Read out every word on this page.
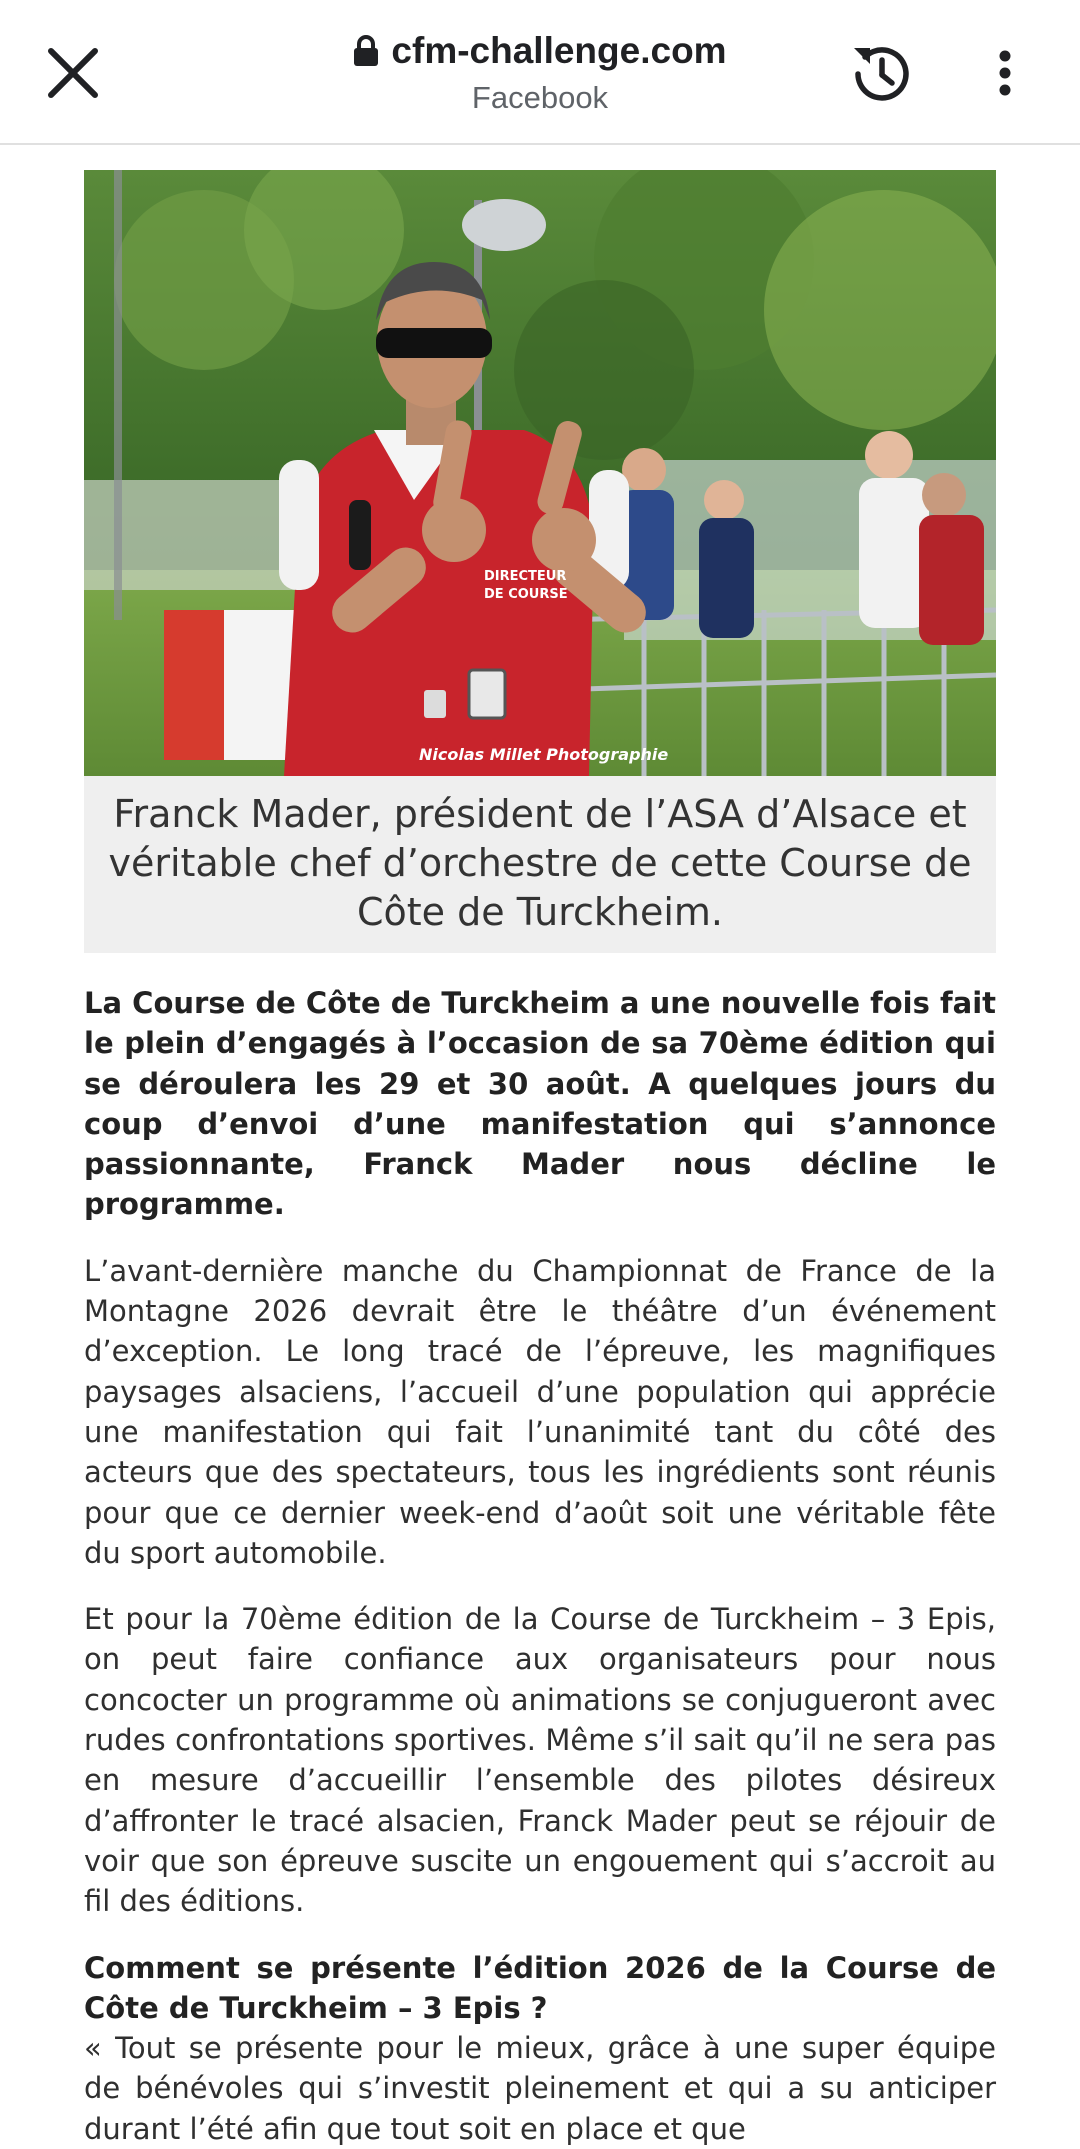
cfm-challenge.com
Facebook
DIRECTEUR
DE COURSE
Nicolas Millet Photographie
Franck Mader, président de l’ASA d’Alsace et véritable chef d’orchestre de cette Course de Côte de Turckheim.

La Course de Côte de Turckheim a une nouvelle fois fait le plein d’engagés à l’occasion de sa 70ème édition qui se déroulera les 29 et 30 août. A quelques jours du coup d’envoi d’une manifestation qui s’annonce passionnante, Franck Mader nous décline le programme.

L’avant-dernière manche du Championnat de France de la Montagne 2026 devrait être le théâtre d’un événement d’exception. Le long tracé de l’épreuve, les magnifiques paysages alsaciens, l’accueil d’une population qui apprécie une manifestation qui fait l’unanimité tant du côté des acteurs que des spectateurs, tous les ingrédients sont réunis pour que ce dernier week-end d’août soit une véritable fête du sport automobile.

Et pour la 70ème édition de la Course de Turckheim – 3 Epis, on peut faire confiance aux organisateurs pour nous concocter un programme où animations se conjugueront avec rudes confrontations sportives. Même s’il sait qu’il ne sera pas en mesure d’accueillir l’ensemble des pilotes désireux d’affronter le tracé alsacien, Franck Mader peut se réjouir de voir que son épreuve suscite un engouement qui s’accroit au fil des éditions.

Comment se présente l’édition 2026 de la Course de Côte de Turckheim – 3 Epis ?

« Tout se présente pour le mieux, grâce à une super équipe de bénévoles qui s’investit pleinement et qui a su anticiper durant l’été afin que tout soit en place et que
